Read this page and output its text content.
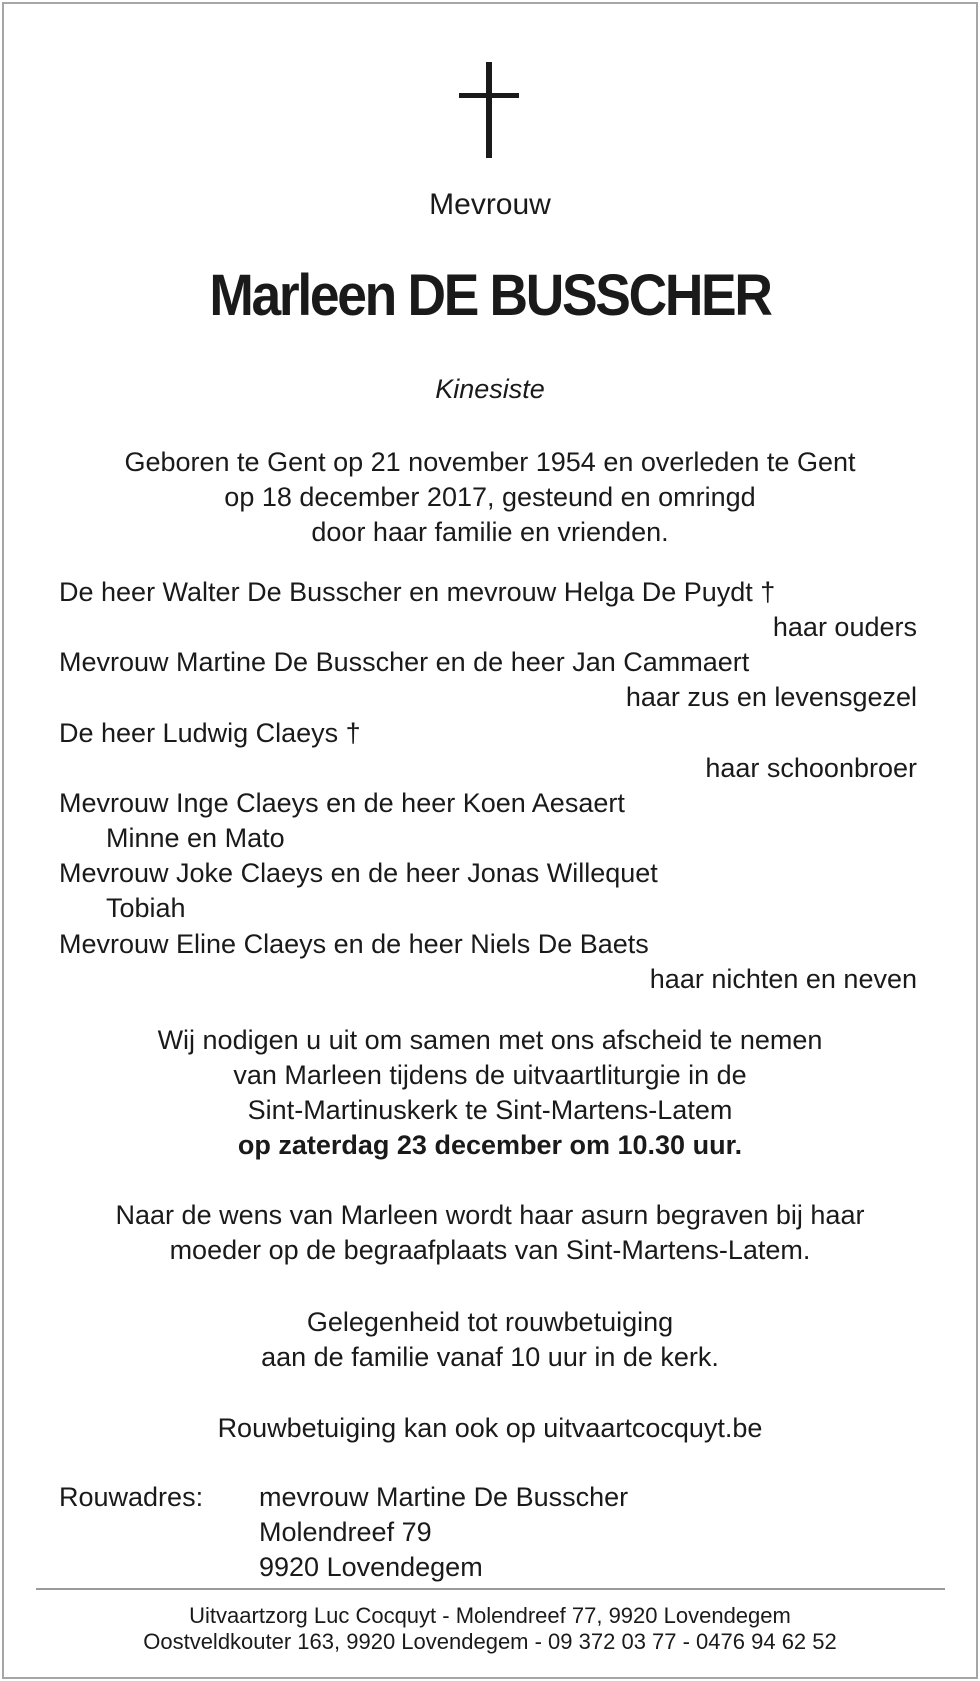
Mevrouw
Marleen DE BUSSCHER
Kinesiste
Geboren te Gent op 21 november 1954 en overleden te Gent
op 18 december 2017, gesteund en omringd
door haar familie en vrienden.
De heer Walter De Busscher en mevrouw Helga De Puydt †
haar ouders
Mevrouw Martine De Busscher en de heer Jan Cammaert
haar zus en levensgezel
De heer Ludwig Claeys †
haar schoonbroer
Mevrouw Inge Claeys en de heer Koen Aesaert
Minne en Mato
Mevrouw Joke Claeys en de heer Jonas Willequet
Tobiah
Mevrouw Eline Claeys en de heer Niels De Baets
haar nichten en neven
Wij nodigen u uit om samen met ons afscheid te nemen
van Marleen tijdens de uitvaartliturgie in de
Sint-Martinuskerk te Sint-Martens-Latem
op zaterdag 23 december om 10.30 uur.
Naar de wens van Marleen wordt haar asurn begraven bij haar
moeder op de begraafplaats van Sint-Martens-Latem.
Gelegenheid tot rouwbetuiging
aan de familie vanaf 10 uur in de kerk.
Rouwbetuiging kan ook op uitvaartcocquyt.be
Rouwadres: mevrouw Martine De Busscher
Molendreef 79
9920 Lovendegem
Uitvaartzorg Luc Cocquyt - Molendreef 77, 9920 Lovendegem
Oostveldkouter 163, 9920 Lovendegem - 09 372 03 77 - 0476 94 62 52
